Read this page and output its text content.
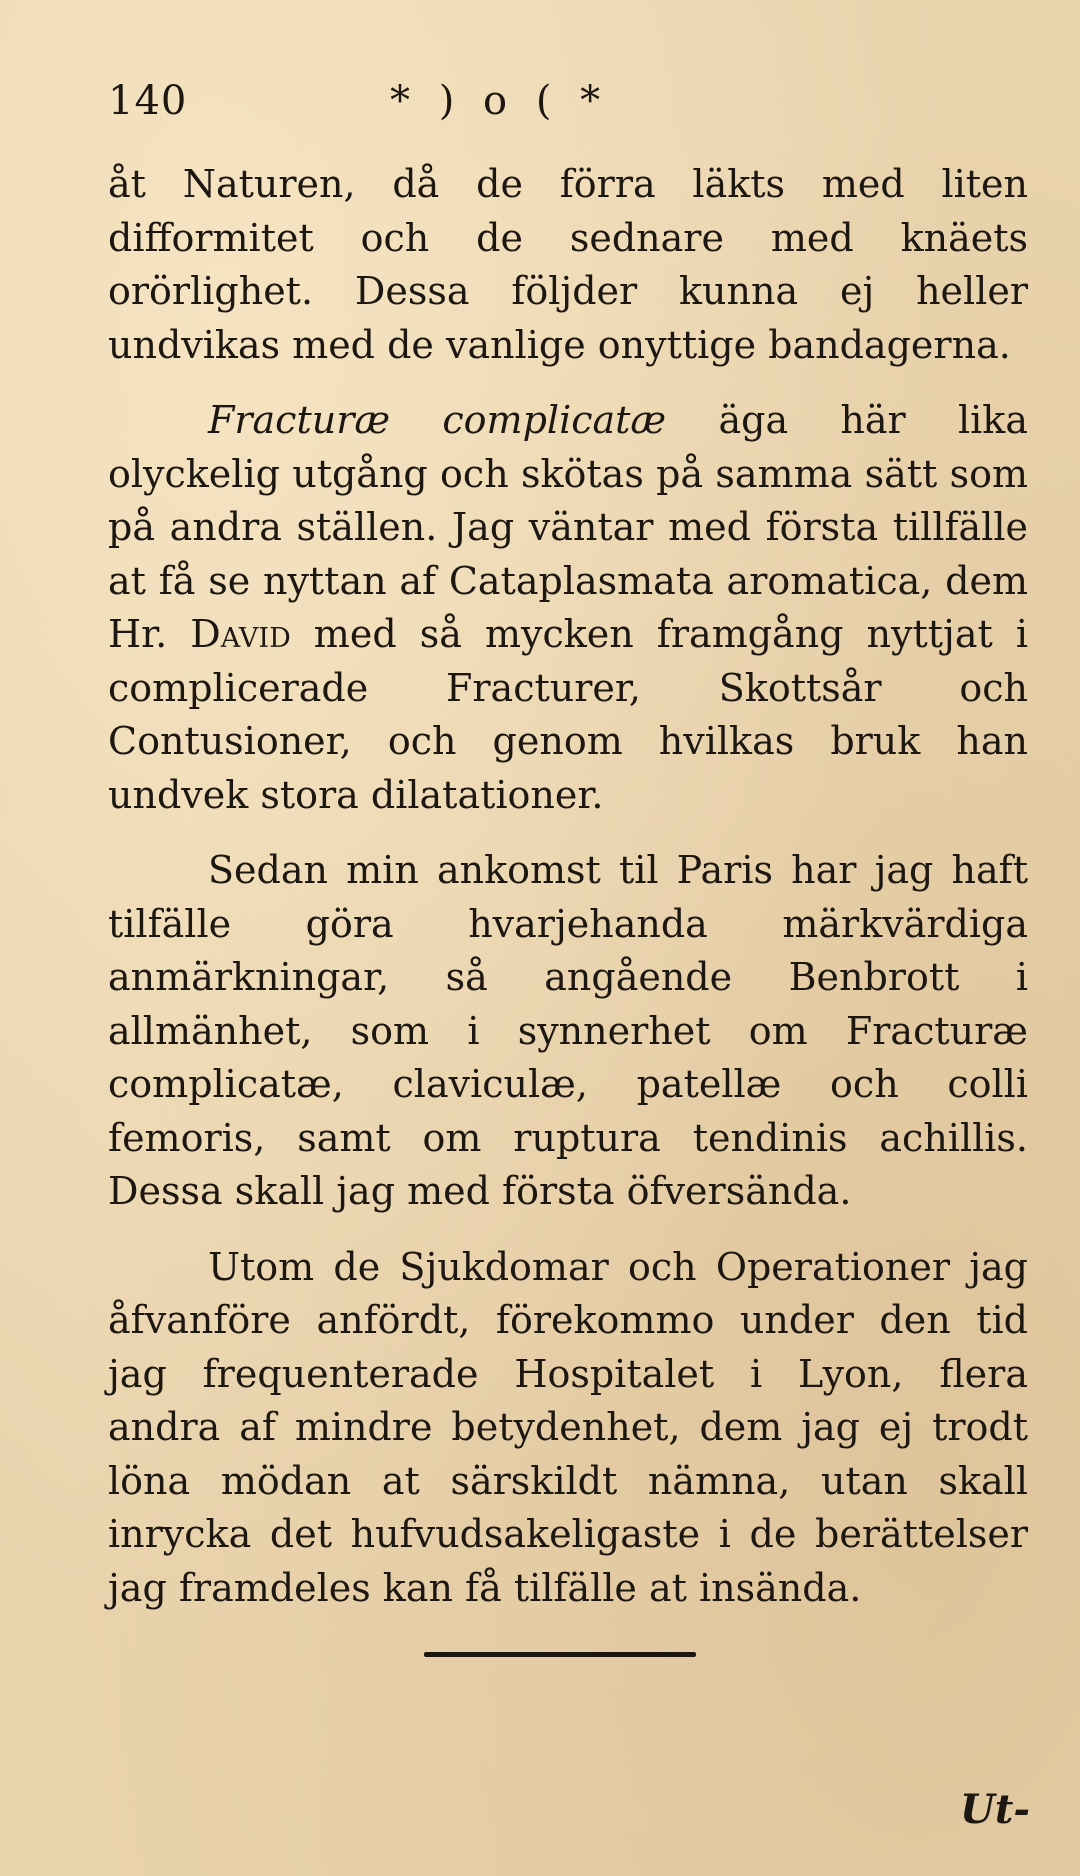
140	* ) o ( *

åt Naturen, då de förra läkts med liten difformitet och de sednare med knäets orörlighet. Dessa följder kunna ej heller undvikas med de vanlige onyttige bandagerna.

Fracturæ complicatæ äga här lika olyckelig utgång och skötas på samma sätt som på andra ställen. Jag väntar med första tillfälle at få se nyttan af Cataplasmata aromatica, dem Hr. David med så mycken framgång nyttjat i complicerade Fracturer, Skottsår och Contusioner, och genom hvilkas bruk han undvek stora dilatationer.

Sedan min ankomst til Paris har jag haft tilfälle göra hvarjehanda märkvärdiga anmärkningar, så angående Benbrott i allmänhet, som i synnerhet om Fracturæ complicatæ, claviculæ, patellæ och colli femoris, samt om ruptura tendinis achillis. Dessa skall jag med första öfversända.

Utom de Sjukdomar och Operationer jag åfvanföre anfördt, förekommo under den tid jag frequenterade Hospitalet i Lyon, flera andra af mindre betydenhet, dem jag ej trodt löna mödan at särskildt nämna, utan skall inrycka det hufvudsakeligaste i de berättelser jag framdeles kan få tilfälle at insända.

Ut-
